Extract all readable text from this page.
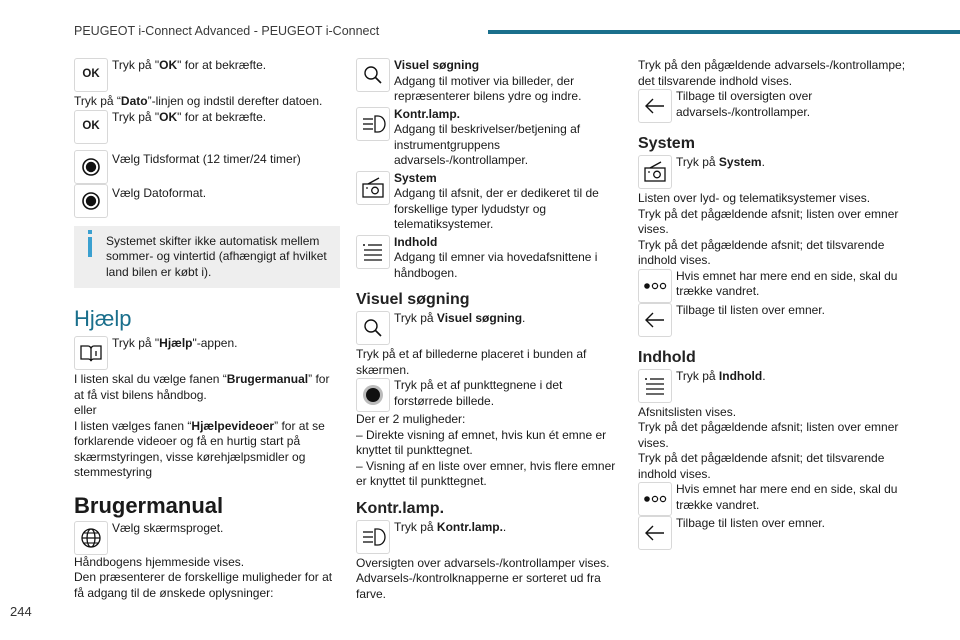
PEUGEOT i-Connect Advanced - PEUGEOT i-Connect
OK
Tryk på "OK" for at bekræfte.

Tryk på “Dato”-linjen og indstil derefter datoen.

OK
Tryk på "OK" for at bekræfte.
Vælg Tidsformat (12 timer/24 timer)
Vælg Datoformat.
Systemet skifter ikke automatisk mellem sommer- og vintertid (afhængigt af hvilket land bilen er købt i).

Hjælp

Tryk på "Hjælp"-appen.

I listen skal du vælge fanen “Brugermanual” for at få vist bilens håndbog.

eller

I listen vælges fanen “Hjælpevideoer” for at se forklarende videoer og få en hurtig start på skærmstyringen, visse kørehjælpsmidler og stemmestyring

Brugermanual

Vælg skærmsproget.

Håndbogens hjemmeside vises.

Den præsenterer de forskellige muligheder for at få adgang til de ønskede oplysninger:

Visuel søgning
Adgang til motiver via billeder, der repræsenterer bilens ydre og indre.
Kontr.lamp.
Adgang til beskrivelser/betjening af instrumentgruppens advarsels-/kontrollamper.
System
Adgang til afsnit, der er dedikeret til de forskellige typer lydudstyr og telematiksystemer.
Indhold
Adgang til emner via hovedafsnittene i håndbogen.

Visuel søgning

Tryk på Visuel søgning.

Tryk på et af billederne placeret i bunden af skærmen.

Tryk på et af punkttegnene i det forstørrede billede.

Der er 2 muligheder:

– Direkte visning af emnet, hvis kun ét emne er knyttet til punkttegnet.

– Visning af en liste over emner, hvis flere emner er knyttet til punkttegnet.

Kontr.lamp.

Tryk på Kontr.lamp..

Oversigten over advarsels-/kontrollamper vises.

Advarsels-/kontrolknapperne er sorteret ud fra farve.

Tryk på den pågældende advarsels-/kontrollampe; det tilsvarende indhold vises.

Tilbage til oversigten over advarsels-/kontrollamper.

System

Tryk på System.

Listen over lyd- og telematiksystemer vises.

Tryk på det pågældende afsnit; listen over emner vises.

Tryk på det pågældende afsnit; det tilsvarende indhold vises.

Hvis emnet har mere end en side, skal du trække vandret.
Tilbage til listen over emner.

Indhold

Tryk på Indhold.

Afsnitslisten vises.

Tryk på det pågældende afsnit; listen over emner vises.

Tryk på det pågældende afsnit; det tilsvarende indhold vises.

Hvis emnet har mere end en side, skal du trække vandret.
Tilbage til listen over emner.
244
